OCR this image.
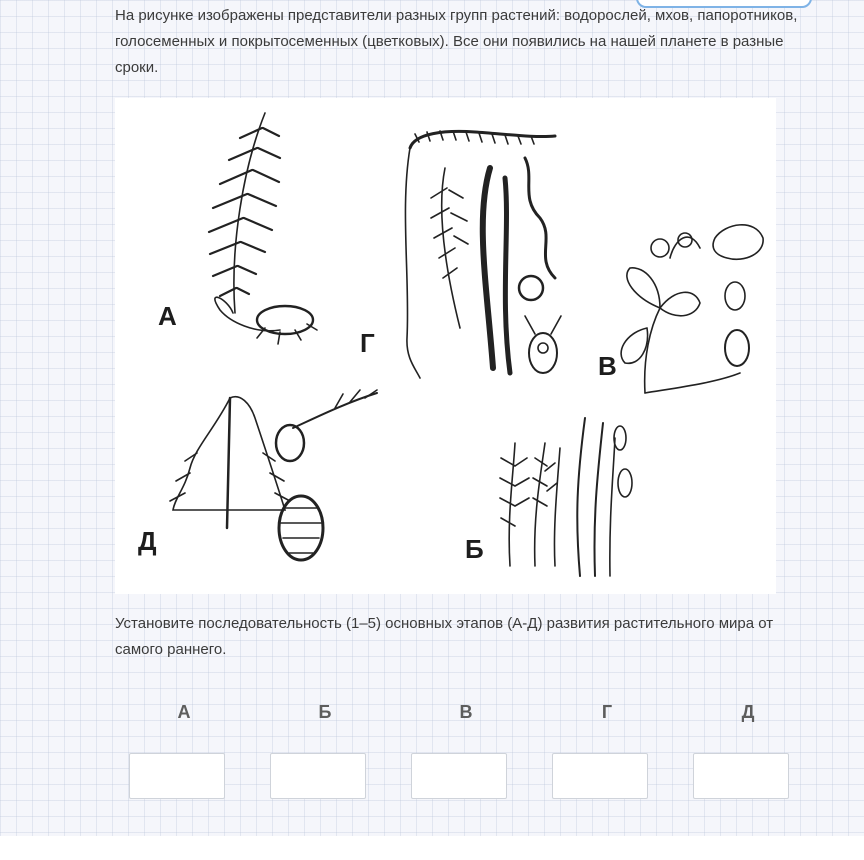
На рисунке изображены представители разных групп растений: водорослей, мхов, папоротников, голосеменных и покрытосеменных (цветковых). Все они появились на нашей планете в разные сроки.

А
Б
В
Г
Д

Установите последовательность (1–5) основных этапов (А-Д) развития растительного мира от самого раннего.

А	Б	В	Г	Д
